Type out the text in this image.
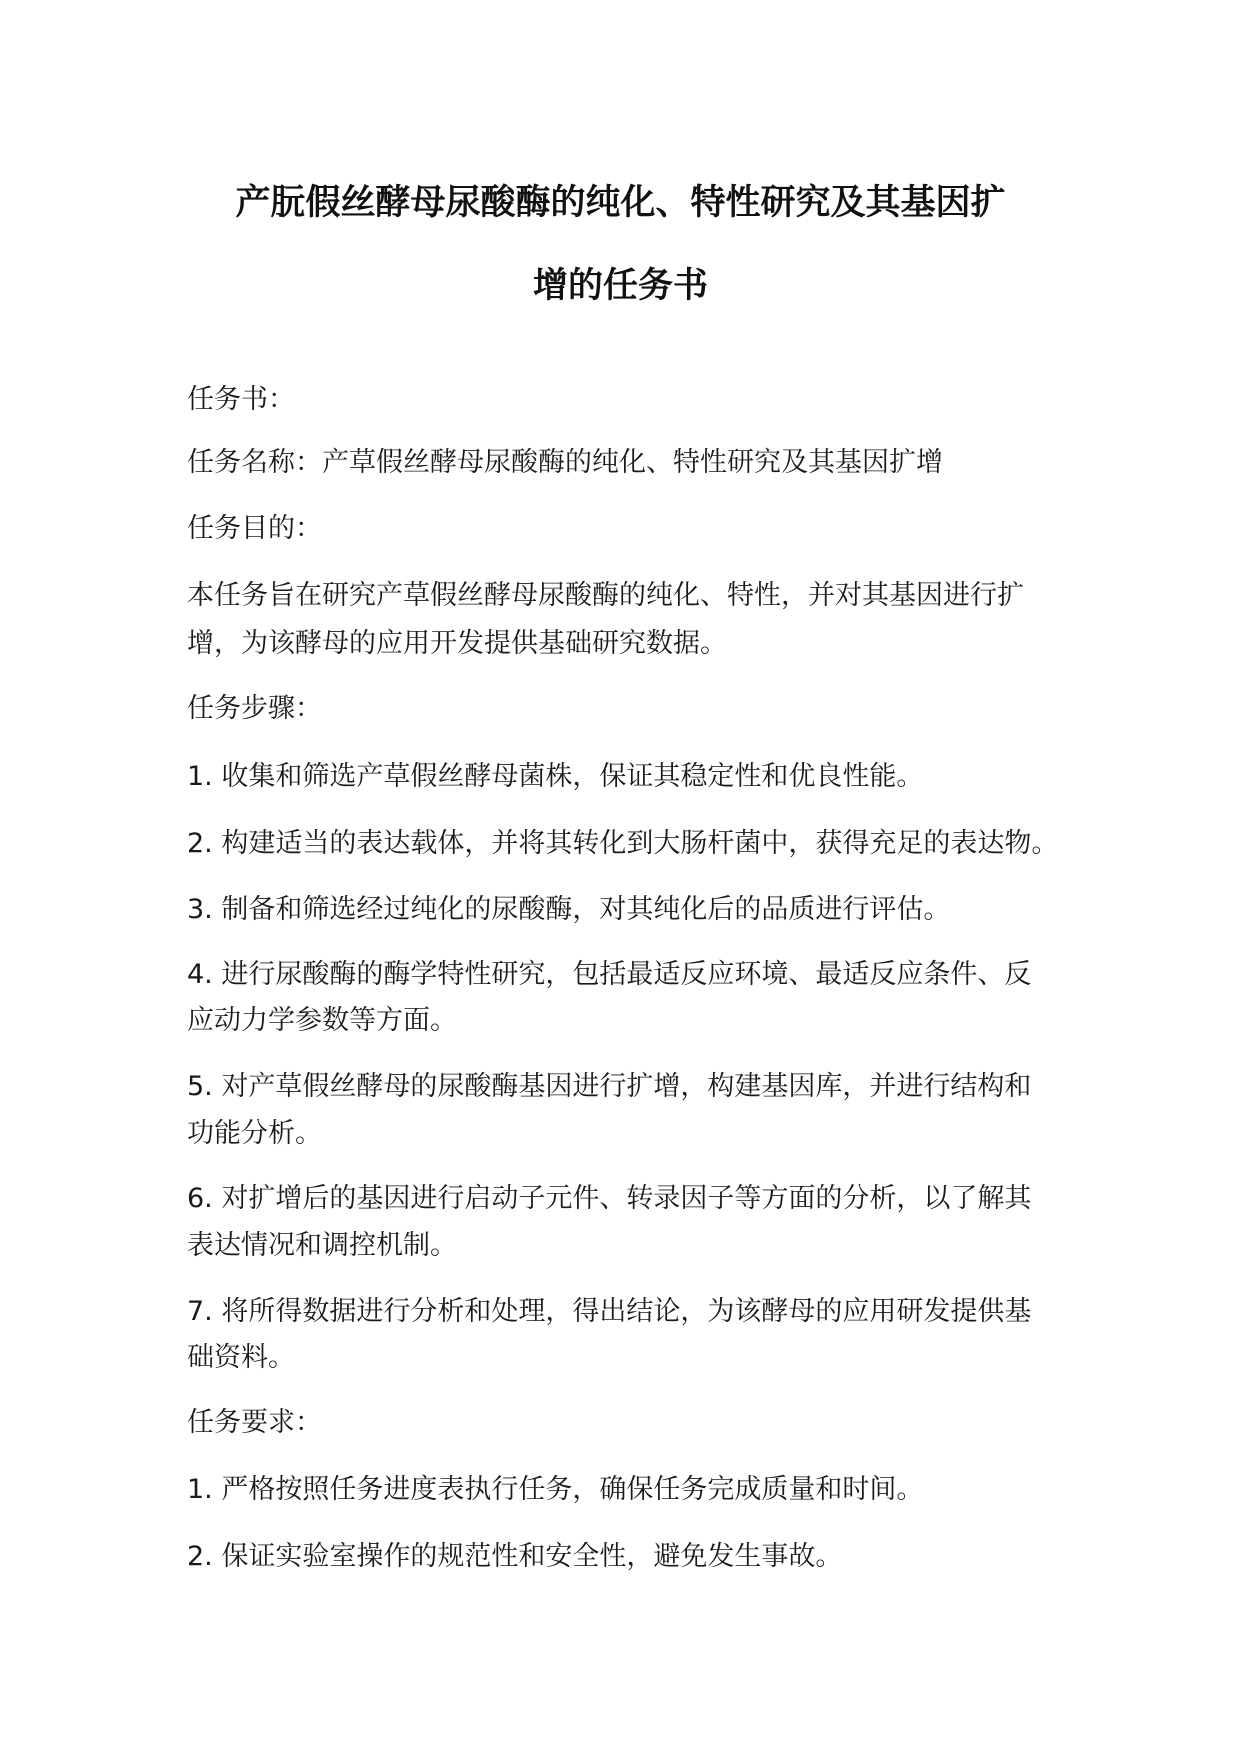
产朊假丝酵母尿酸酶的纯化、特性研究及其基因扩
增的任务书
任务书：
任务名称：产草假丝酵母尿酸酶的纯化、特性研究及其基因扩增
任务目的：
本任务旨在研究产草假丝酵母尿酸酶的纯化、特性，并对其基因进行扩
增，为该酵母的应用开发提供基础研究数据。
任务步骤：
1. 收集和筛选产草假丝酵母菌株，保证其稳定性和优良性能。
2. 构建适当的表达载体，并将其转化到大肠杆菌中，获得充足的表达物。
3. 制备和筛选经过纯化的尿酸酶，对其纯化后的品质进行评估。
4. 进行尿酸酶的酶学特性研究，包括最适反应环境、最适反应条件、反
应动力学参数等方面。
5. 对产草假丝酵母的尿酸酶基因进行扩增，构建基因库，并进行结构和
功能分析。
6. 对扩增后的基因进行启动子元件、转录因子等方面的分析，以了解其
表达情况和调控机制。
7. 将所得数据进行分析和处理，得出结论，为该酵母的应用研发提供基
础资料。
任务要求：
1. 严格按照任务进度表执行任务，确保任务完成质量和时间。
2. 保证实验室操作的规范性和安全性，避免发生事故。
